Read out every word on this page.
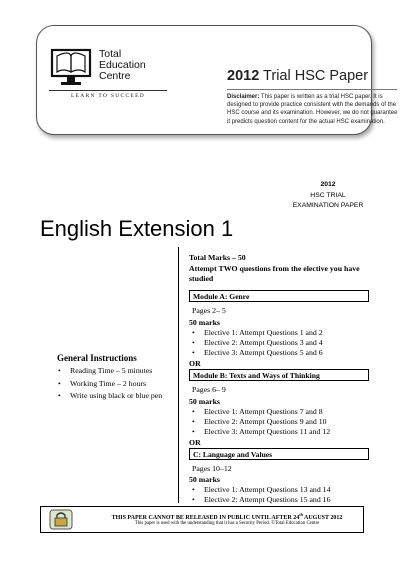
Total
Education
Centre
LEARN TO SUCCEED
2012 Trial HSC Paper
Disclaimer: This paper is written as a trial HSC paper. It is designed to provide practice consistent with the demands of the HSC course and its examination. However, we do not guarantee it predicts question content for the actual HSC examination.
2012
HSC TRIAL
EXAMINATION PAPER
English Extension 1
General Instructions
• Reading Time – 5 minutes
• Working Time – 2 hours
• Write using black or blue pen
Total Marks – 50
Attempt TWO questions from the elective you have studied
Module A: Genre
Pages 2– 5
50 marks
• Elective 1: Attempt Questions 1 and 2
• Elective 2: Attempt Questions 3 and 4
• Elective 3: Attempt Questions 5 and 6
OR
Module B: Texts and Ways of Thinking
Pages 6– 9
50 marks
• Elective 1: Attempt Questions 7 and 8
• Elective 2: Attempt Questions 9 and 10
• Elective 3: Attempt Questions 11 and 12
OR
C: Language and Values
Pages 10–12
50 marks
• Elective 1: Attempt Questions 13 and 14
• Elective 2: Attempt Questions 15 and 16
THIS PAPER CANNOT BE RELEASED IN PUBLIC UNTIL AFTER 24th AUGUST 2012
This paper is used with the understanding that it has a Security Period. ©Total Education Centre
